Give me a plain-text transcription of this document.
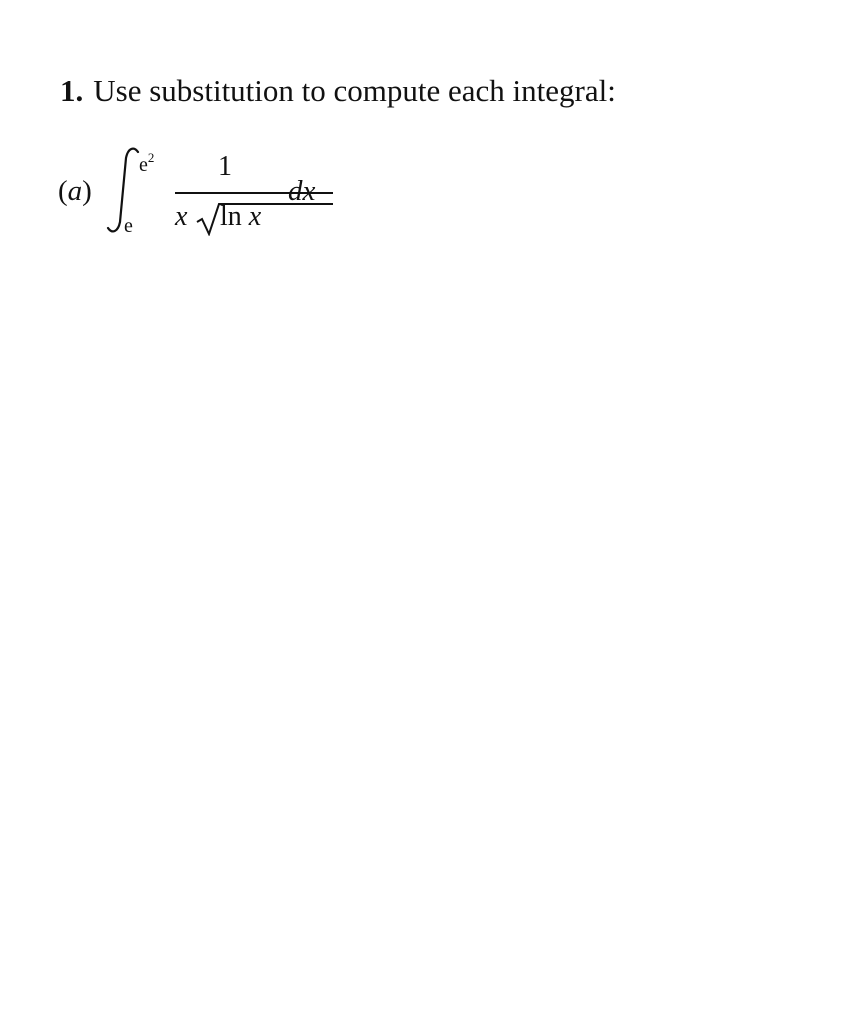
1. Use substitution to compute each integral:
(a)
$e^2$
e
1
x ln x
dx
